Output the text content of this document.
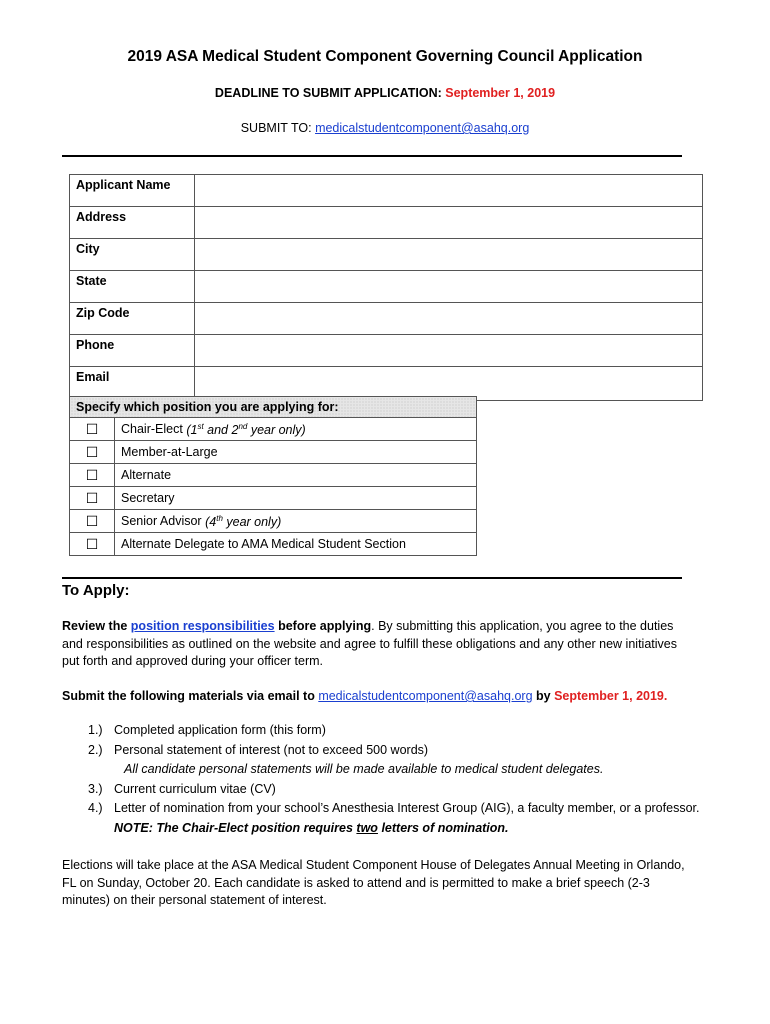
2019 ASA Medical Student Component Governing Council Application
DEADLINE TO SUBMIT APPLICATION: September 1, 2019
SUBMIT TO: medicalstudentcomponent@asahq.org
Applicant Name	
Address	
City	
State	
Zip Code	
Phone	
Email	
Specify which position you are applying for:	
☐	Chair-Elect (1st and 2nd year only)
☐	Member-at-Large
☐	Alternate
☐	Secretary
☐	Senior Advisor (4th year only)
☐	Alternate Delegate to AMA Medical Student Section
To Apply:
Review the position responsibilities before applying. By submitting this application, you agree to the duties and responsibilities as outlined on the website and agree to fulfill these obligations and any other new initiatives put forth and approved during your officer term.
Submit the following materials via email to medicalstudentcomponent@asahq.org by September 1, 2019.
1.) Completed application form (this form)
2.) Personal statement of interest (not to exceed 500 words)
All candidate personal statements will be made available to medical student delegates.
3.) Current curriculum vitae (CV)
4.) Letter of nomination from your school’s Anesthesia Interest Group (AIG), a faculty member, or a professor. NOTE: The Chair-Elect position requires two letters of nomination.
Elections will take place at the ASA Medical Student Component House of Delegates Annual Meeting in Orlando, FL on Sunday, October 20. Each candidate is asked to attend and is permitted to make a brief speech (2-3 minutes) on their personal statement of interest.
